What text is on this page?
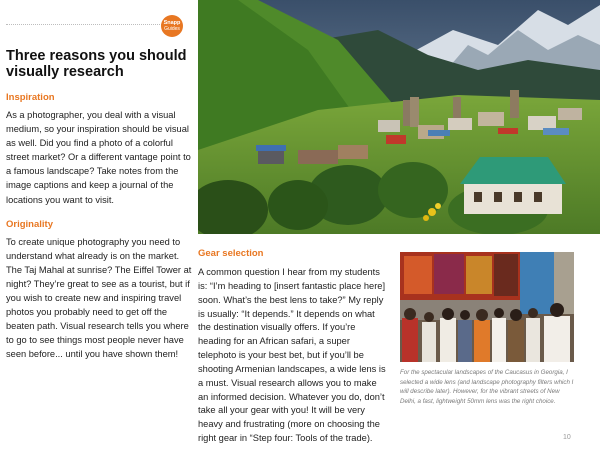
Snapp
Guides
Three reasons you should visually research
Inspiration

As a photographer, you deal with a visual medium, so your inspiration should be visual as well. Did you find a photo of a colorful street market? Or a different vantage point to a famous landscape? Take notes from the image captions and keep a journal of the locations you want to visit.

Originality

To create unique photography you need to understand what already is on the market. The Taj Mahal at sunrise? The Eiffel Tower at night? They’re great to see as a tourist, but if you wish to create new and inspiring travel photos you probably need to get off the beaten path. Visual research tells you where to go to see things most people never have seen before... until you have shown them!

Gear selection

A common question I hear from my students is: “I’m heading to [insert fantastic place here] soon. What’s the best lens to take?” My reply is usually: “It depends.” It depends on what the destination visually offers. If you’re heading for an African safari, a super telephoto is your best bet, but if you’ll be shooting Armenian landscapes, a wide lens is a must. Visual research allows you to make an informed decision. Whatever you do, don’t take all your gear with you! It will be very heavy and frustrating (more on choosing the right gear in “Step four: Tools of the trade).

For the spectacular landscapes of the Caucasus in Georgia, I selected a wide lens (and landscape photography filters which I will describe later). However, for the vibrant streets of New Delhi, a fast, lightweight 50mm lens was the right choice.

10
